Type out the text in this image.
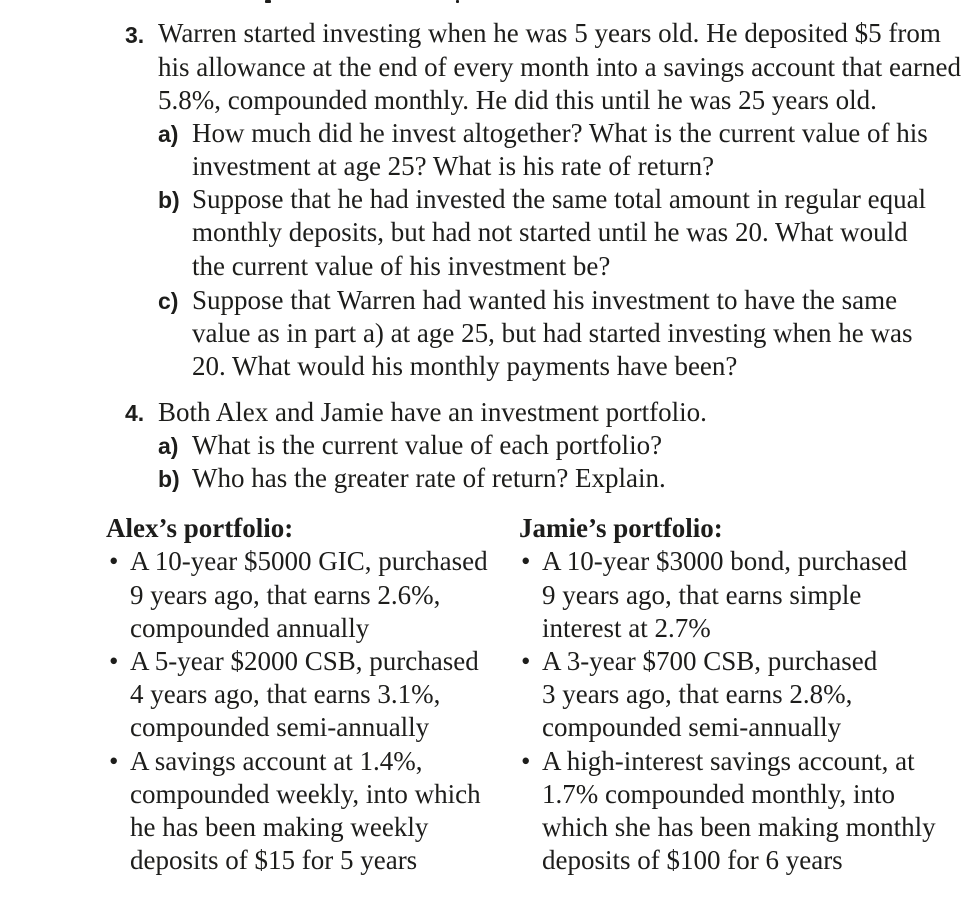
3. Warren started investing when he was 5 years old. He deposited $5 from
his allowance at the end of every month into a savings account that earned
5.8%, compounded monthly. He did this until he was 25 years old.
a) How much did he invest altogether? What is the current value of his
investment at age 25? What is his rate of return?
b) Suppose that he had invested the same total amount in regular equal
monthly deposits, but had not started until he was 20. What would
the current value of his investment be?
c) Suppose that Warren had wanted his investment to have the same
value as in part a) at age 25, but had started investing when he was
20. What would his monthly payments have been?
4. Both Alex and Jamie have an investment portfolio.
a) What is the current value of each portfolio?
b) Who has the greater rate of return? Explain.
Alex’s portfolio:
• A 10-year $5000 GIC, purchased
9 years ago, that earns 2.6%,
compounded annually
• A 5-year $2000 CSB, purchased
4 years ago, that earns 3.1%,
compounded semi-annually
• A savings account at 1.4%,
compounded weekly, into which
he has been making weekly
deposits of $15 for 5 years
Jamie’s portfolio:
• A 10-year $3000 bond, purchased
9 years ago, that earns simple
interest at 2.7%
• A 3-year $700 CSB, purchased
3 years ago, that earns 2.8%,
compounded semi-annually
• A high-interest savings account, at
1.7% compounded monthly, into
which she has been making monthly
deposits of $100 for 6 years
